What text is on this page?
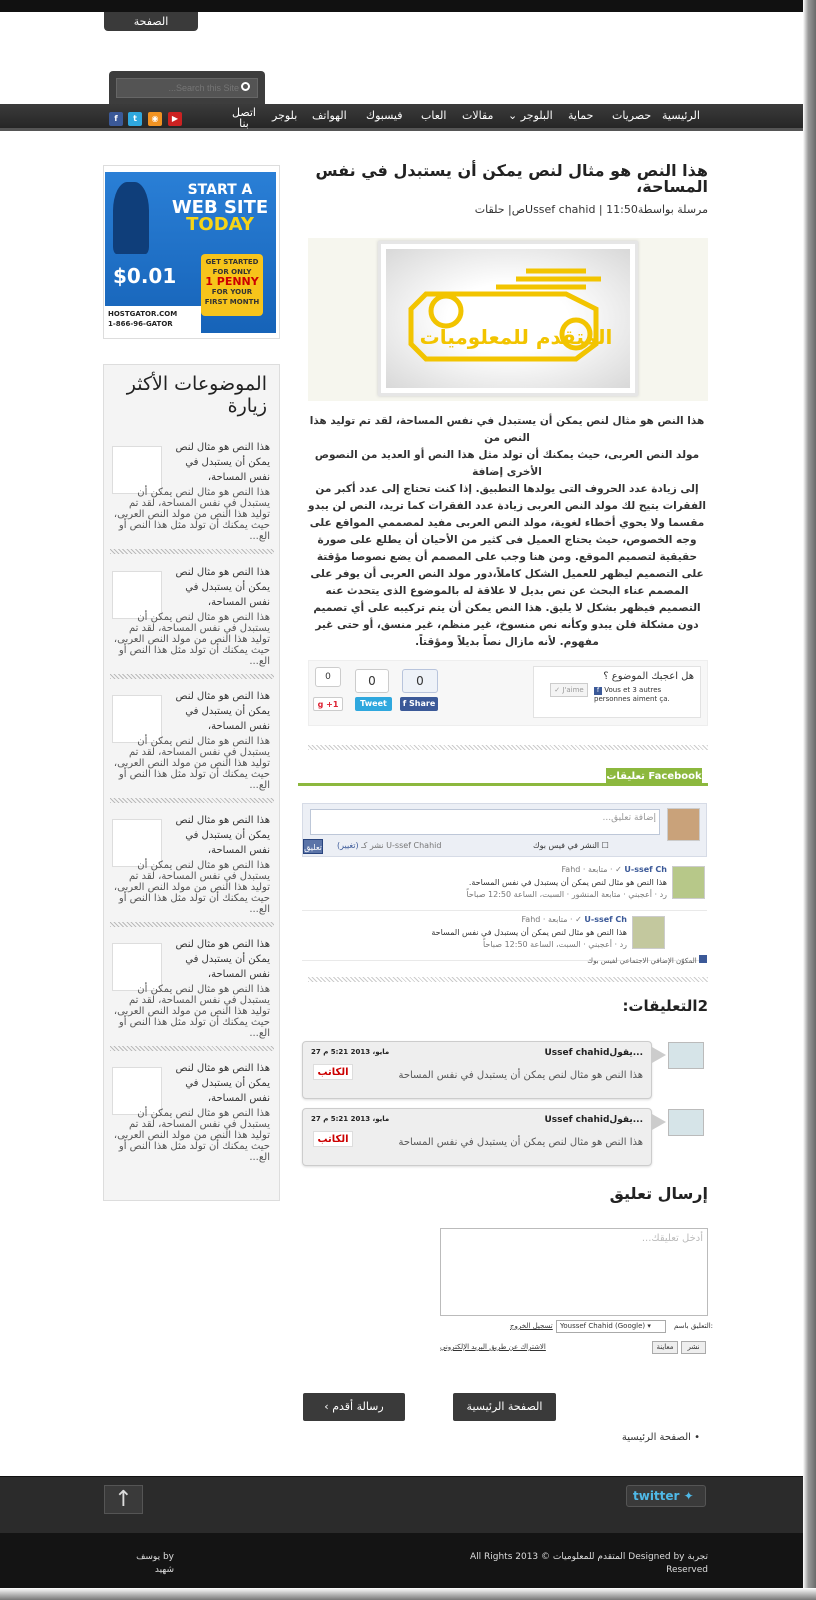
الصفحة
Search this Site...
الرئيسية
حصريات
حماية
⌄ البلوجر
مقالات
العاب
فيسبوك
الهواتف
بلوجر
اتصل بنا
f	t	◉	▶
هذا النص هو مثال لنص يمكن أن يستبدل في نفس المساحة،
مرسلة بواسطةUssef chahid | 11:50ص| حلقات
المتقدم للمعلوميات

هذا النص هو مثال لنص يمكن أن يستبدل في نفس المساحة، لقد تم توليد هذا النص من

مولد النص العربى، حيث يمكنك أن تولد مثل هذا النص أو العديد من النصوص الأخرى إضافة

إلى زيادة عدد الحروف التى يولدها التطبيق. إذا كنت تحتاج إلى عدد أكبر من الفقرات يتيح لك مولد النص العربى زيادة عدد الفقرات كما تريد، النص لن يبدو مقسما ولا يحوي أخطاء لغوية، مولد النص العربى مفيد لمصممي المواقع على وجه الخصوص، حيث يحتاج العميل فى كثير من الأحيان أن يطلع على صورة حقيقية لتصميم الموقع. ومن هنا وجب على المصمم أن يضع نصوصا مؤقتة على التصميم ليظهر للعميل الشكل كاملاً،دور مولد النص العربى أن يوفر على المصمم عناء البحث عن نص بديل لا علاقة له بالموضوع الذى يتحدث عنه التصميم فيظهر بشكل لا يليق. هذا النص يمكن أن يتم تركيبه على أي تصميم دون مشكلة فلن يبدو وكأنه نص منسوخ، غير منظم، غير منسق، أو حتى غير مفهوم. لأنه مازال نصاً بديلاً ومؤقتاً.

هل اعجبك الموضوع ؟
f Vous et 3 autres personnes aiment ça.
✓ J'aime
0
0
0
f Share
Tweet
g +1
تعليقات Facebook
إضافة تعليق...
☐ النشر في فيس بوك
تعليق (تغيير) نشر كـ U-ssef Chahid
U-ssef Ch ✓ · متابعة · Fahd
هذا النص هو مثال لنص يمكن أن يستبدل في نفس المساحة.
رد · أعجبني · متابعة المنشور · السبت، الساعة 12:50 صباحاً
U-ssef Ch ✓ · متابعة · Fahd
هذا النص هو مثال لنص يمكن أن يستبدل في نفس المساحة
رد · أعجبني · السبت، الساعة 12:50 صباحاً
المكوّن الإضافي الاجتماعي لفيس بوك
2التعليقات:
Ussef chahidيقول...
27 مايو، 2013 5:21 م
هذا النص هو مثال لنص يمكن أن يستبدل في نفس المساحة
الكاتب
Ussef chahidيقول...
27 مايو، 2013 5:21 م
هذا النص هو مثال لنص يمكن أن يستبدل في نفس المساحة
الكاتب
إرسال تعليق
أدخل تعليقك...
التعليق باسم:
Youssef Chahid (Google) ▾
تسجيل الخروج
نشر
معاينة
الاشتراك عن طريق البريد الإلكتروني
‹ رسالة أقدم	الصفحة الرئيسية
• الصفحة الرئيسية
START A
WEB SITE
TODAY
$0.01
GET STARTED
FOR ONLY
1 PENNY
FOR YOUR
FIRST MONTH
HOSTGATOR.COM
1-866-96-GATOR
الموضوعات الأكثر زيارة
هذا النص هو مثال لنص يمكن أن يستبدل في نفس المساحة،
هذا النص هو مثال لنص يمكن أن يستبدل في نفس المساحة، لقد تم توليد هذا النص من مولد النص العربى، حيث يمكنك أن تولد مثل هذا النص أو الع...
هذا النص هو مثال لنص يمكن أن يستبدل في نفس المساحة،
هذا النص هو مثال لنص يمكن أن يستبدل في نفس المساحة، لقد تم توليد هذا النص من مولد النص العربى، حيث يمكنك أن تولد مثل هذا النص أو الع...
هذا النص هو مثال لنص يمكن أن يستبدل في نفس المساحة،
هذا النص هو مثال لنص يمكن أن يستبدل في نفس المساحة، لقد تم توليد هذا النص من مولد النص العربى، حيث يمكنك أن تولد مثل هذا النص أو الع...
هذا النص هو مثال لنص يمكن أن يستبدل في نفس المساحة،
هذا النص هو مثال لنص يمكن أن يستبدل في نفس المساحة، لقد تم توليد هذا النص من مولد النص العربى، حيث يمكنك أن تولد مثل هذا النص أو الع...
هذا النص هو مثال لنص يمكن أن يستبدل في نفس المساحة،
هذا النص هو مثال لنص يمكن أن يستبدل في نفس المساحة، لقد تم توليد هذا النص من مولد النص العربى، حيث يمكنك أن تولد مثل هذا النص أو الع...
هذا النص هو مثال لنص يمكن أن يستبدل في نفس المساحة،
هذا النص هو مثال لنص يمكن أن يستبدل في نفس المساحة، لقد تم توليد هذا النص من مولد النص العربى، حيث يمكنك أن تولد مثل هذا النص أو الع...
↑	twitter ✦
تجربة Designed by المتقدم للمعلوميات All Rights 2013 © Reserved
by يوسف شهيد
